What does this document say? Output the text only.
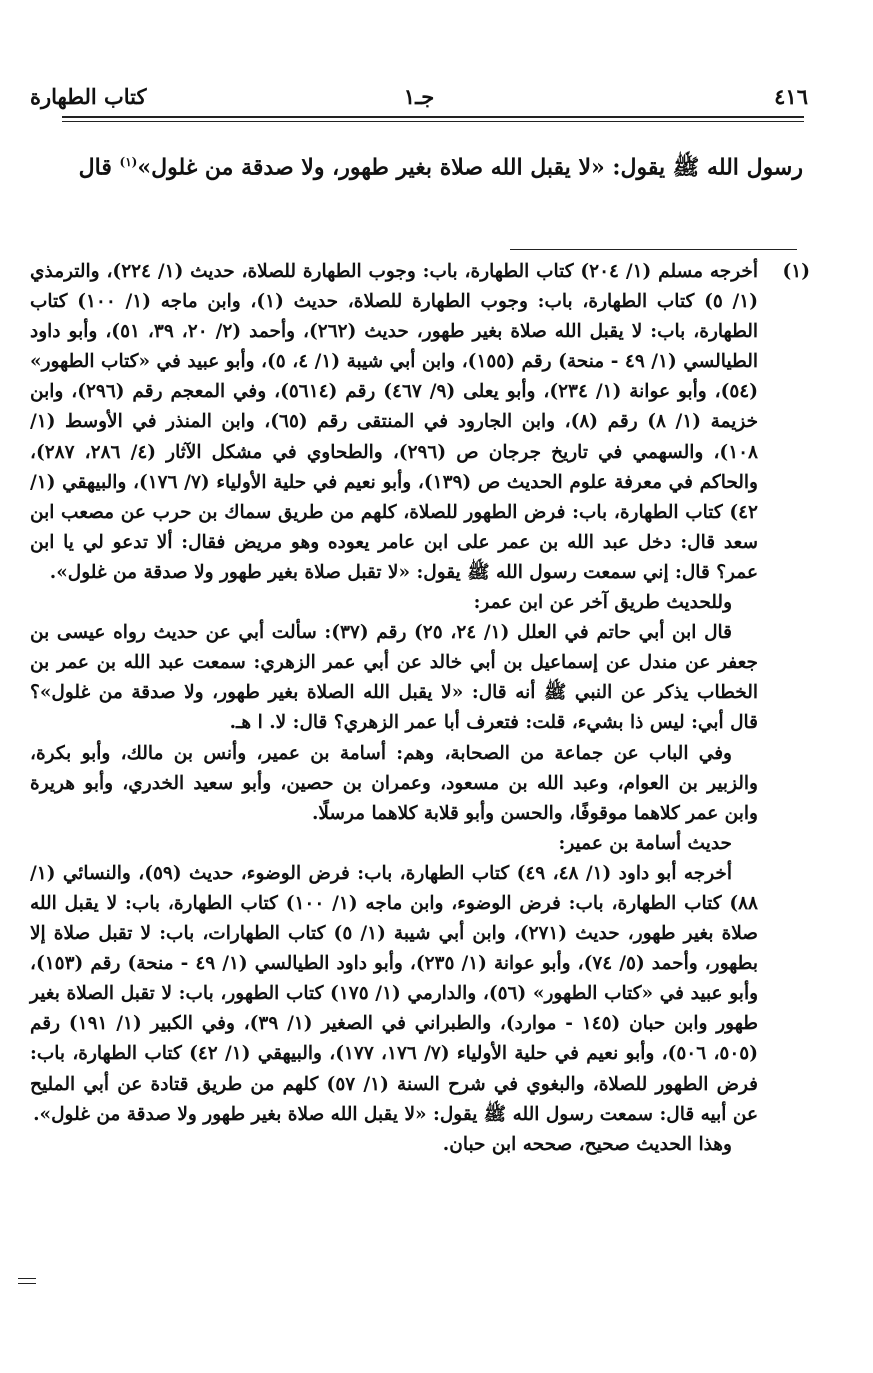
٤١٦
جـ١
كتاب الطهارة
رسول الله ﷺ يقول: «لا يقبل الله صلاة بغير طهور، ولا صدقة من غلول»$^{(١)}$ قال
(١)

أخرجه مسلم (١/ ٢٠٤) كتاب الطهارة، باب: وجوب الطهارة للصلاة، حديث (١/ ٢٢٤)، والترمذي (١/ ٥) كتاب الطهارة، باب: وجوب الطهارة للصلاة، حديث (١)، وابن ماجه (١/ ١٠٠) كتاب الطهارة، باب: لا يقبل الله صلاة بغير طهور، حديث (٢٦٢)، وأحمد (٢/ ٢٠، ٣٩، ٥١)، وأبو داود الطيالسي (١/ ٤٩ - منحة) رقم (١٥٥)، وابن أبي شيبة (١/ ٤، ٥)، وأبو عبيد في «كتاب الطهور» (٥٤)، وأبو عوانة (١/ ٢٣٤)، وأبو يعلى (٩/ ٤٦٧) رقم (٥٦١٤)، وفي المعجم رقم (٢٩٦)، وابن خزيمة (١/ ٨) رقم (٨)، وابن الجارود في المنتقى رقم (٦٥)، وابن المنذر في الأوسط (١/ ١٠٨)، والسهمي في تاريخ جرجان ص (٢٩٦)، والطحاوي في مشكل الآثار (٤/ ٢٨٦، ٢٨٧)، والحاكم في معرفة علوم الحديث ص (١٣٩)، وأبو نعيم في حلية الأولياء (٧/ ١٧٦)، والبيهقي (١/ ٤٢) كتاب الطهارة، باب: فرض الطهور للصلاة، كلهم من طريق سماك بن حرب عن مصعب ابن سعد قال: دخل عبد الله بن عمر على ابن عامر يعوده وهو مريض فقال: ألا تدعو لي يا ابن عمر؟ قال: إني سمعت رسول الله ﷺ يقول: «لا تقبل صلاة بغير طهور ولا صدقة من غلول».

وللحديث طريق آخر عن ابن عمر:

قال ابن أبي حاتم في العلل (١/ ٢٤، ٢٥) رقم (٣٧): سألت أبي عن حديث رواه عيسى بن جعفر عن مندل عن إسماعيل بن أبي خالد عن أبي عمر الزهري: سمعت عبد الله بن عمر بن الخطاب يذكر عن النبي ﷺ أنه قال: «لا يقبل الله الصلاة بغير طهور، ولا صدقة من غلول»؟ قال أبي: ليس ذا بشيء، قلت: فتعرف أبا عمر الزهري؟ قال: لا. ا هـ.

وفي الباب عن جماعة من الصحابة، وهم: أسامة بن عمير، وأنس بن مالك، وأبو بكرة، والزبير بن العوام، وعبد الله بن مسعود، وعمران بن حصين، وأبو سعيد الخدري، وأبو هريرة وابن عمر كلاهما موقوفًا، والحسن وأبو قلابة كلاهما مرسلًا.

حديث أسامة بن عمير:

أخرجه أبو داود (١/ ٤٨، ٤٩) كتاب الطهارة، باب: فرض الوضوء، حديث (٥٩)، والنسائي (١/ ٨٨) كتاب الطهارة، باب: فرض الوضوء، وابن ماجه (١/ ١٠٠) كتاب الطهارة، باب: لا يقبل الله صلاة بغير طهور، حديث (٢٧١)، وابن أبي شيبة (١/ ٥) كتاب الطهارات، باب: لا تقبل صلاة إلا بطهور، وأحمد (٥/ ٧٤)، وأبو عوانة (١/ ٢٣٥)، وأبو داود الطيالسي (١/ ٤٩ - منحة) رقم (١٥٣)، وأبو عبيد في «كتاب الطهور» (٥٦)، والدارمي (١/ ١٧٥) كتاب الطهور، باب: لا تقبل الصلاة بغير طهور وابن حبان (١٤٥ - موارد)، والطبراني في الصغير (١/ ٣٩)، وفي الكبير (١/ ١٩١) رقم (٥٠٥، ٥٠٦)، وأبو نعيم في حلية الأولياء (٧/ ١٧٦، ١٧٧)، والبيهقي (١/ ٤٢) كتاب الطهارة، باب: فرض الطهور للصلاة، والبغوي في شرح السنة (١/ ٥٧) كلهم من طريق قتادة عن أبي المليح عن أبيه قال: سمعت رسول الله ﷺ يقول: «لا يقبل الله صلاة بغير طهور ولا صدقة من غلول».

وهذا الحديث صحيح، صححه ابن حبان.
